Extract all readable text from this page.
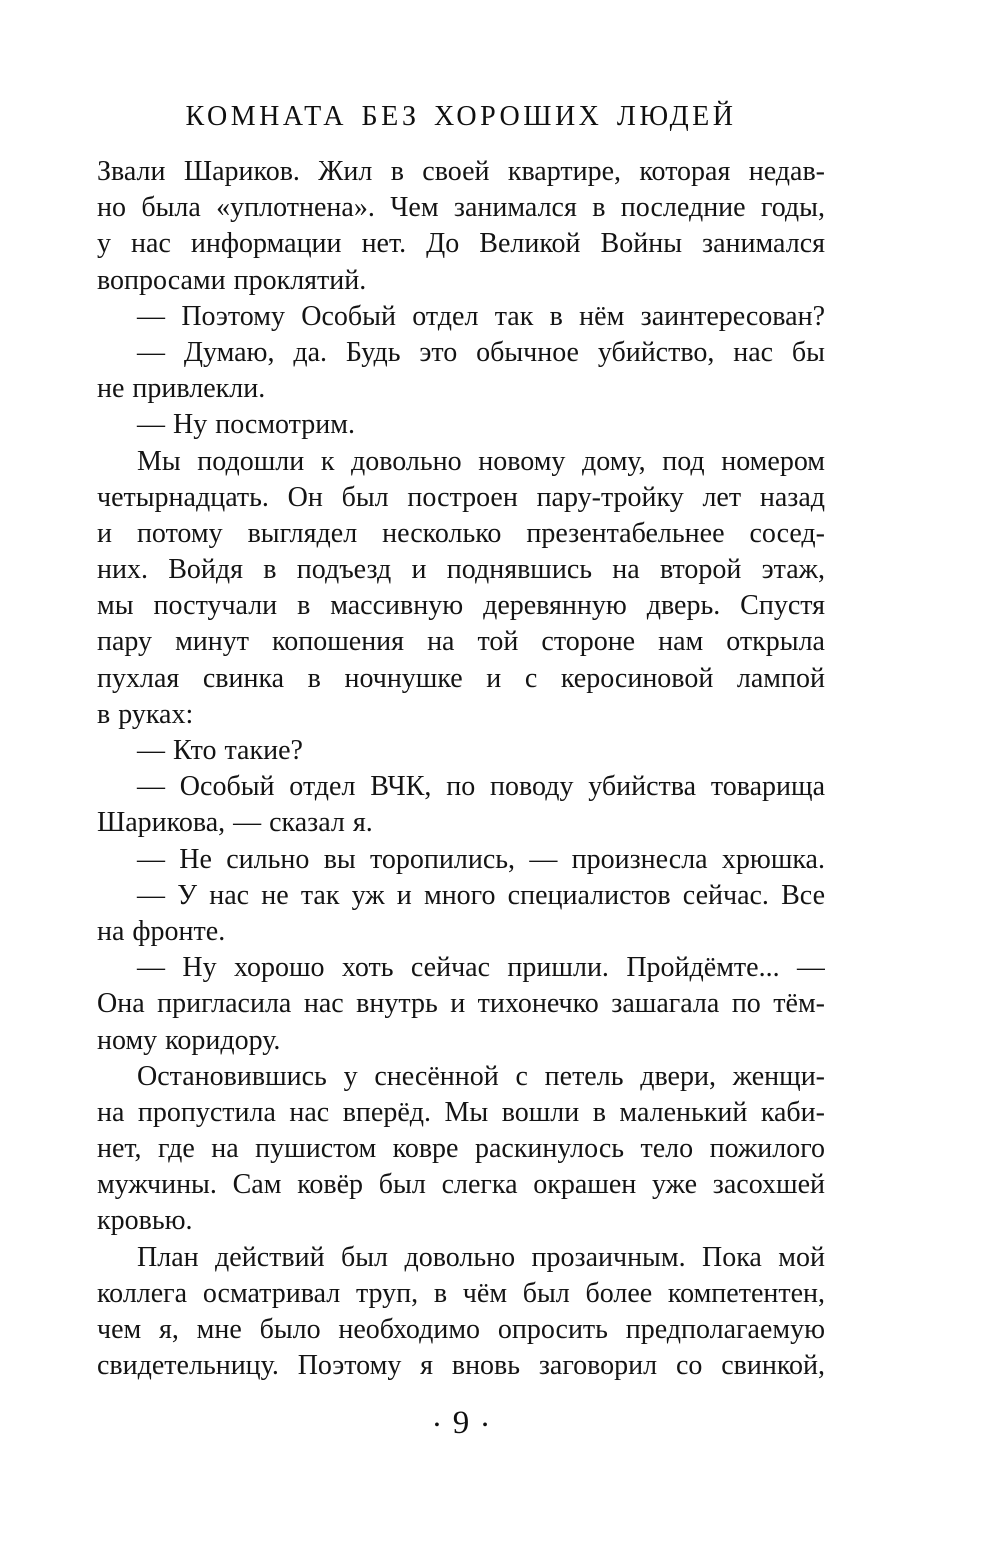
КОМНАТА БЕЗ ХОРОШИХ ЛЮДЕЙ
Звали Шариков. Жил в своей квартире, которая недав-
но была «уплотнена». Чем занимался в последние годы,
у нас информации нет. До Великой Войны занимался
вопросами проклятий.
— Поэтому Особый отдел так в нём заинтересован?
— Думаю, да. Будь это обычное убийство, нас бы
не привлекли.
— Ну посмотрим.
Мы подошли к довольно новому дому, под номером
четырнадцать. Он был построен пару-тройку лет назад
и потому выглядел несколько презентабельнее сосед-
них. Войдя в подъезд и поднявшись на второй этаж,
мы постучали в массивную деревянную дверь. Спустя
пару минут копошения на той стороне нам открыла
пухлая свинка в ночнушке и с керосиновой лампой
в руках:
— Кто такие?
— Особый отдел ВЧК, по поводу убийства товарища
Шарикова, — сказал я.
— Не сильно вы торопились, — произнесла хрюшка.
— У нас не так уж и много специалистов сейчас. Все
на фронте.
— Ну хорошо хоть сейчас пришли. Пройдёмте... —
Она пригласила нас внутрь и тихонечко зашагала по тём-
ному коридору.
Остановившись у снесённой с петель двери, женщи-
на пропустила нас вперёд. Мы вошли в маленький каби-
нет, где на пушистом ковре раскинулось тело пожилого
мужчины. Сам ковёр был слегка окрашен уже засохшей
кровью.
План действий был довольно прозаичным. Пока мой
коллега осматривал труп, в чём был более компетентен,
чем я, мне было необходимо опросить предполагаемую
свидетельницу. Поэтому я вновь заговорил со свинкой,
• 9 •
